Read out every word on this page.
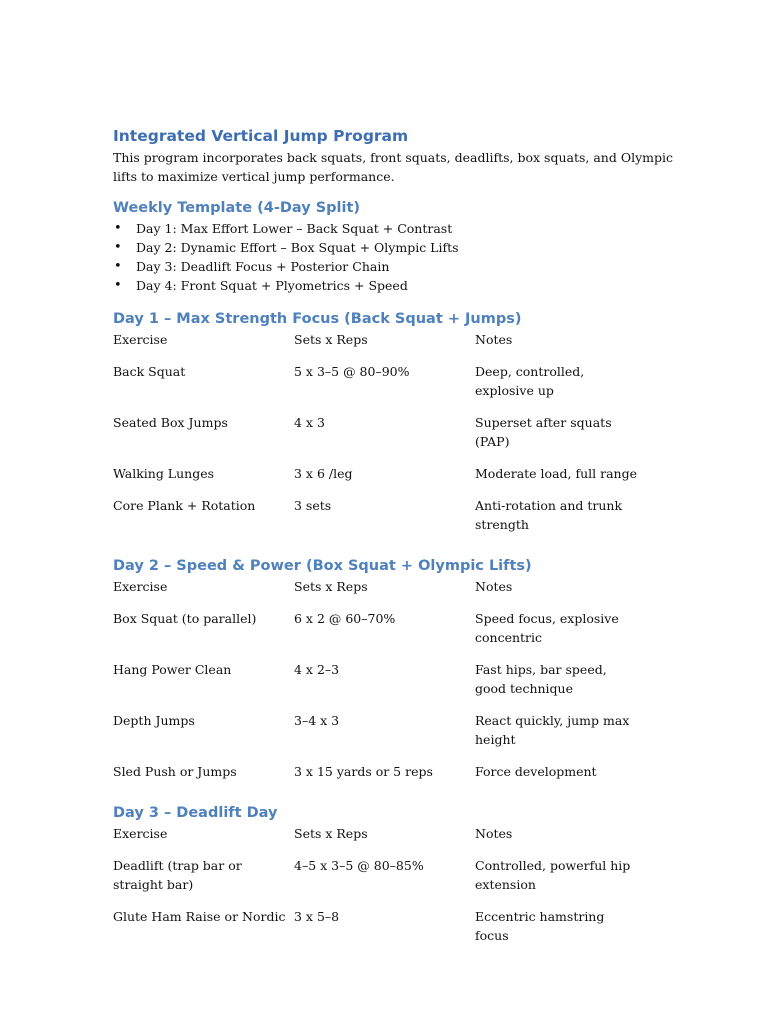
Integrated Vertical Jump Program

This program incorporates back squats, front squats, deadlifts, box squats, and Olympic lifts to maximize vertical jump performance.

Weekly Template (4-Day Split)
• Day 1: Max Effort Lower – Back Squat + Contrast
• Day 2: Dynamic Effort – Box Squat + Olympic Lifts
• Day 3: Deadlift Focus + Posterior Chain
• Day 4: Front Squat + Plyometrics + Speed
Day 1 – Max Strength Focus (Back Squat + Jumps)
Exercise	Sets x Reps	Notes
Back Squat	5 x 3–5 @ 80–90%	Deep, controlled, explosive up
Seated Box Jumps	4 x 3	Superset after squats (PAP)
Walking Lunges	3 x 6 /leg	Moderate load, full range
Core Plank + Rotation	3 sets	Anti-rotation and trunk strength
Day 2 – Speed & Power (Box Squat + Olympic Lifts)
Exercise	Sets x Reps	Notes
Box Squat (to parallel)	6 x 2 @ 60–70%	Speed focus, explosive concentric
Hang Power Clean	4 x 2–3	Fast hips, bar speed, good technique
Depth Jumps	3–4 x 3	React quickly, jump max height
Sled Push or Jumps	3 x 15 yards or 5 reps	Force development
Day 3 – Deadlift Day
Exercise	Sets x Reps	Notes
Deadlift (trap bar or straight bar)	4–5 x 3–5 @ 80–85%	Controlled, powerful hip extension
Glute Ham Raise or Nordic	3 x 5–8	Eccentric hamstring focus
